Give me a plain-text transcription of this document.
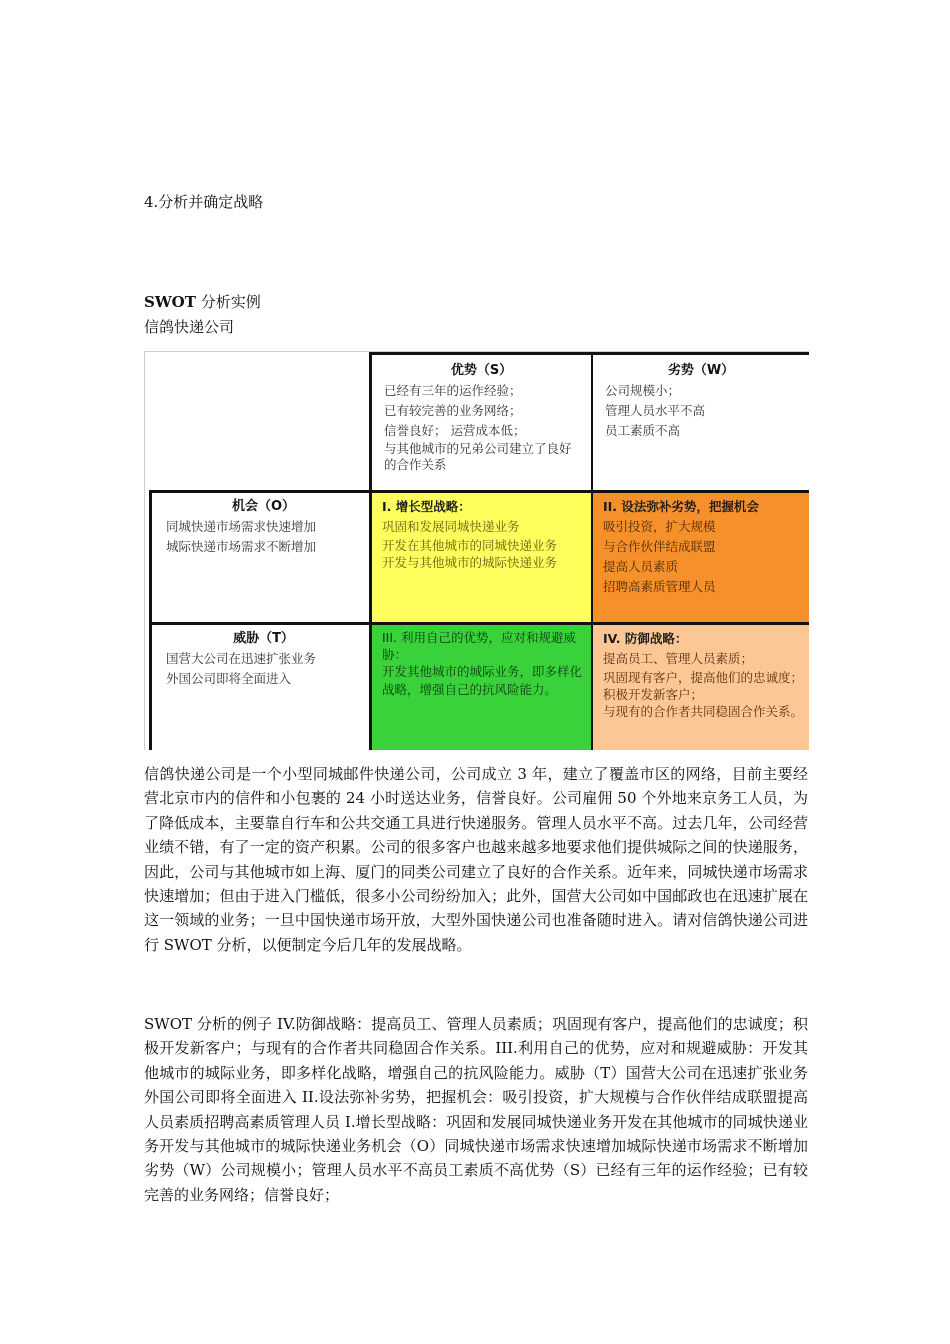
4.分析并确定战略

SWOT 分析实例

信鸽快递公司

优势（S）
已经有三年的运作经验；
已有较完善的业务网络；
信誉良好； 运营成本低；
与其他城市的兄弟公司建立了良好的合作关系
劣势（W）
公司规模小；
管理人员水平不高
员工素质不高
机会（O）
同城快递市场需求快速增加
城际快递市场需求不断增加
I. 增长型战略：
巩固和发展同城快递业务
开发在其他城市的同城快递业务
开发与其他城市的城际快递业务
II. 设法弥补劣势，把握机会
吸引投资，扩大规模
与合作伙伴结成联盟
提高人员素质
招聘高素质管理人员
威胁（T）
国营大公司在迅速扩张业务
外国公司即将全面进入
III. 利用自己的优势，应对和规避威胁：
开发其他城市的城际业务，即多样化战略，增强自己的抗风险能力。
IV. 防御战略：
提高员工、管理人员素质；
巩固现有客户，提高他们的忠诚度；积极开发新客户；
与现有的合作者共同稳固合作关系。

信鸽快递公司是一个小型同城邮件快递公司，公司成立 3 年，建立了覆盖市区的网络，目前主要经营北京市内的信件和小包裹的 24 小时送达业务，信誉良好。公司雇佣 50 个外地来京务工人员，为了降低成本，主要靠自行车和公共交通工具进行快递服务。管理人员水平不高。过去几年，公司经营业绩不错，有了一定的资产积累。公司的很多客户也越来越多地要求他们提供城际之间的快递服务，因此，公司与其他城市如上海、厦门的同类公司建立了良好的合作关系。近年来，同城快递市场需求快速增加；但由于进入门槛低，很多小公司纷纷加入；此外，国营大公司如中国邮政也在迅速扩展在这一领域的业务；一旦中国快递市场开放，大型外国快递公司也准备随时进入。请对信鸽快递公司进行 SWOT 分析，以便制定今后几年的发展战略。

SWOT 分析的例子 IV.防御战略：提高员工、管理人员素质；巩固现有客户，提高他们的忠诚度；积极开发新客户；与现有的合作者共同稳固合作关系。III.利用自己的优势，应对和规避威胁：开发其他城市的城际业务，即多样化战略，增强自己的抗风险能力。威胁（T）国营大公司在迅速扩张业务外国公司即将全面进入 II.设法弥补劣势，把握机会：吸引投资，扩大规模与合作伙伴结成联盟提高人员素质招聘高素质管理人员 I.增长型战略：巩固和发展同城快递业务开发在其他城市的同城快递业务开发与其他城市的城际快递业务机会（O）同城快递市场需求快速增加城际快递市场需求不断增加劣势（W）公司规模小；管理人员水平不高员工素质不高优势（S）已经有三年的运作经验；已有较完善的业务网络；信誉良好；
